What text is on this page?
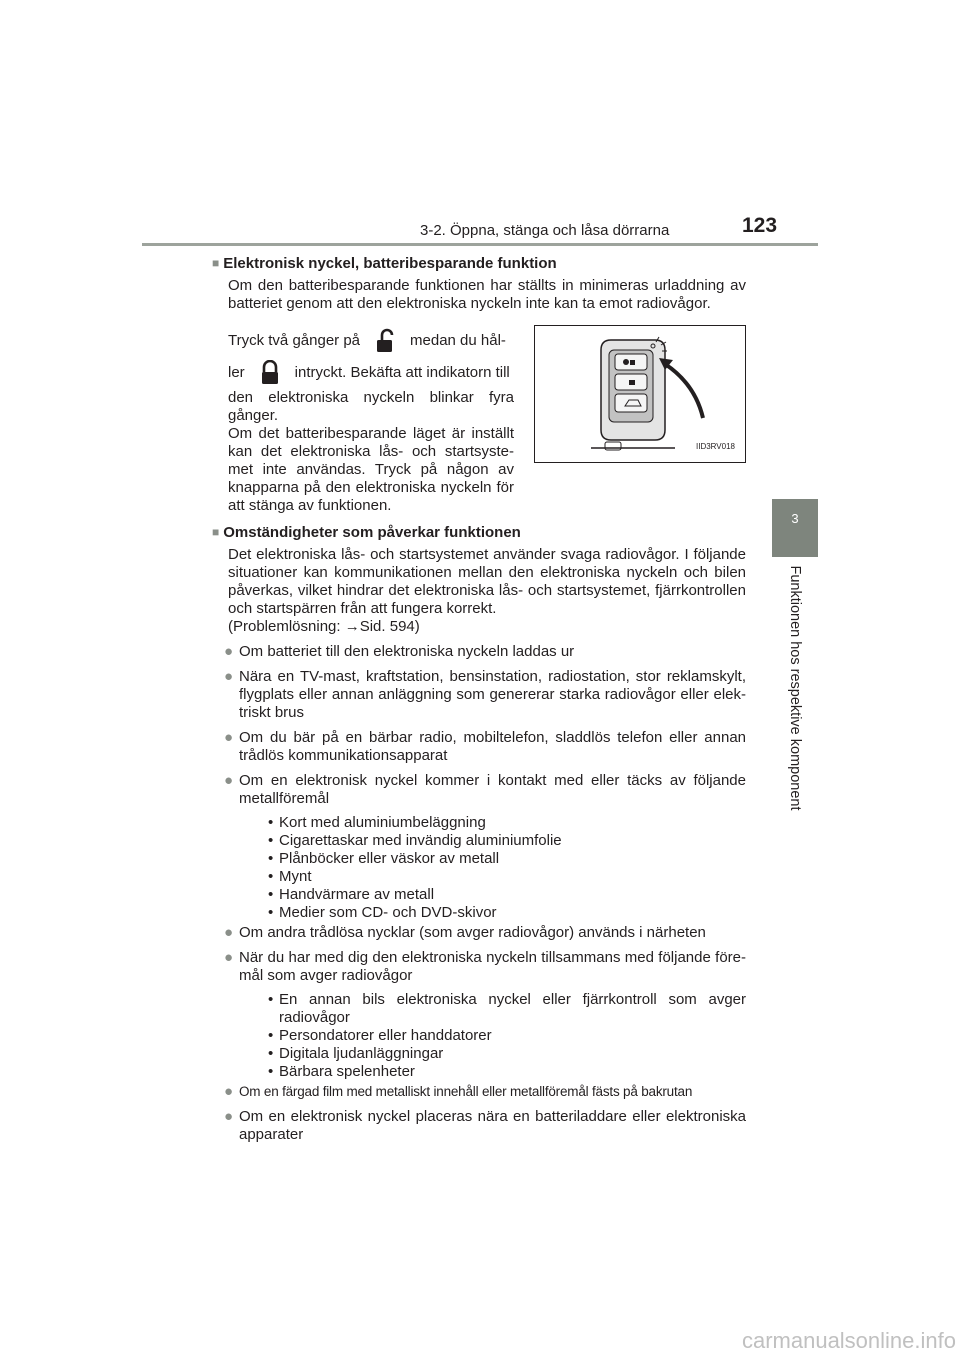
3-2. Öppna, stänga och låsa dörrarna	123
3
Funktionen hos respektive komponent

■ Elektronisk nyckel, batteribesparande funktion

Om den batteribesparande funktionen har ställts in minimeras urladdning av batteriet genom att den elektroniska nyckeln inte kan ta emot radiovågor.

Tryck två gånger på	medan du hål-

ler	intryckt. Bekäfta att indikatorn till

den elektroniska nyckeln blinkar fyra gånger.

Om det batteribesparande läget är inställt kan det elektroniska lås- och startsyste-met inte användas. Tryck på någon av knapparna på den elektroniska nyckeln för att stänga av funktionen.

IID3RV018

■ Omständigheter som påverkar funktionen

Det elektroniska lås- och startsystemet använder svaga radiovågor. I följande situationer kan kommunikationen mellan den elektroniska nyckeln och bilen påverkas, vilket hindrar det elektroniska lås- och startsystemet, fjärrkontrollen och startspärren från att fungera korrekt.

(Problemlösning: →Sid. 594)

● Om batteriet till den elektroniska nyckeln laddas ur
● Nära en TV-mast, kraftstation, bensinstation, radiostation, stor reklamskylt, flygplats eller annan anläggning som genererar starka radiovågor eller elek-triskt brus
● Om du bär på en bärbar radio, mobiltelefon, sladdlös telefon eller annan trådlös kommunikationsapparat
● Om en elektronisk nyckel kommer i kontakt med eller täcks av följande metallföremål
• Kort med aluminiumbeläggning
• Cigarettaskar med invändig aluminiumfolie
• Plånböcker eller väskor av metall
• Mynt
• Handvärmare av metall
• Medier som CD- och DVD-skivor
● Om andra trådlösa nycklar (som avger radiovågor) används i närheten
● När du har med dig den elektroniska nyckeln tillsammans med följande före-mål som avger radiovågor
• En annan bils elektroniska nyckel eller fjärrkontroll som avger radiovågor
• Persondatorer eller handdatorer
• Digitala ljudanläggningar
• Bärbara spelenheter
● Om en färgad film med metalliskt innehåll eller metallföremål fästs på bakrutan
● Om en elektronisk nyckel placeras nära en batteriladdare eller elektroniska apparater
carmanualsonline.info
